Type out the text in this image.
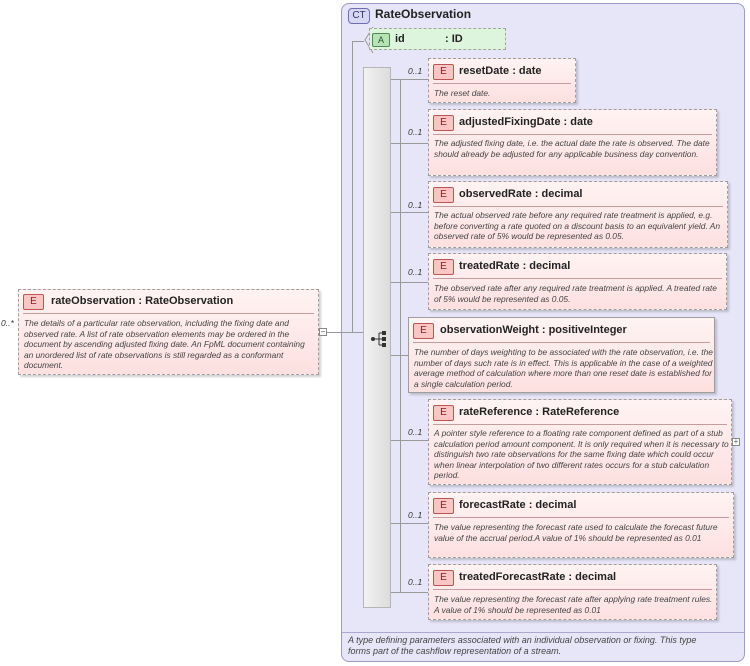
CT RateObservation
A type defining parameters associated with an individual observation or fixing. This type forms part of the cashflow representation of a stream.
A	id	: ID
0..*
E	rateObservation : RateObservation
The details of a particular rate observation, including the fixing date and observed rate. A list of rate observation elements may be ordered in the document by ascending adjusted fixing date. An FpML document containing an unordered list of rate observations is still regarded as a conformant document.
−
0..1	E	resetDate : date
The reset date.
0..1
E	adjustedFixingDate : date
The adjusted fixing date, i.e. the actual date the rate is observed. The date should already be adjusted for any applicable business day convention.
0..1
E	observedRate : decimal
The actual observed rate before any required rate treatment is applied, e.g. before converting a rate quoted on a discount basis to an equivalent yield. An observed rate of 5% would be represented as 0.05.
0..1	E	treatedRate : decimal
The observed rate after any required rate treatment is applied. A treated rate of 5% would be represented as 0.05.
E	observationWeight : positiveInteger
The number of days weighting to be associated with the rate observation, i.e. the number of days such rate is in effect. This is applicable in the case of a weighted average method of calculation where more than one reset date is established for a single calculation period.
0..1
E	rateReference : RateReference
A pointer style reference to a floating rate component defined as part of a stub calculation period amount component. It is only required when it is necessary to distinguish two rate observations for the same fixing date which could occur when linear interpolation of two different rates occurs for a stub calculation period.
+
0..1
E	forecastRate : decimal
The value representing the forecast rate used to calculate the forecast future value of the accrual period.A value of 1% should be represented as 0.01
0..1	E	treatedForecastRate : decimal
The value representing the forecast rate after applying rate treatment rules. A value of 1% should be represented as 0.01
